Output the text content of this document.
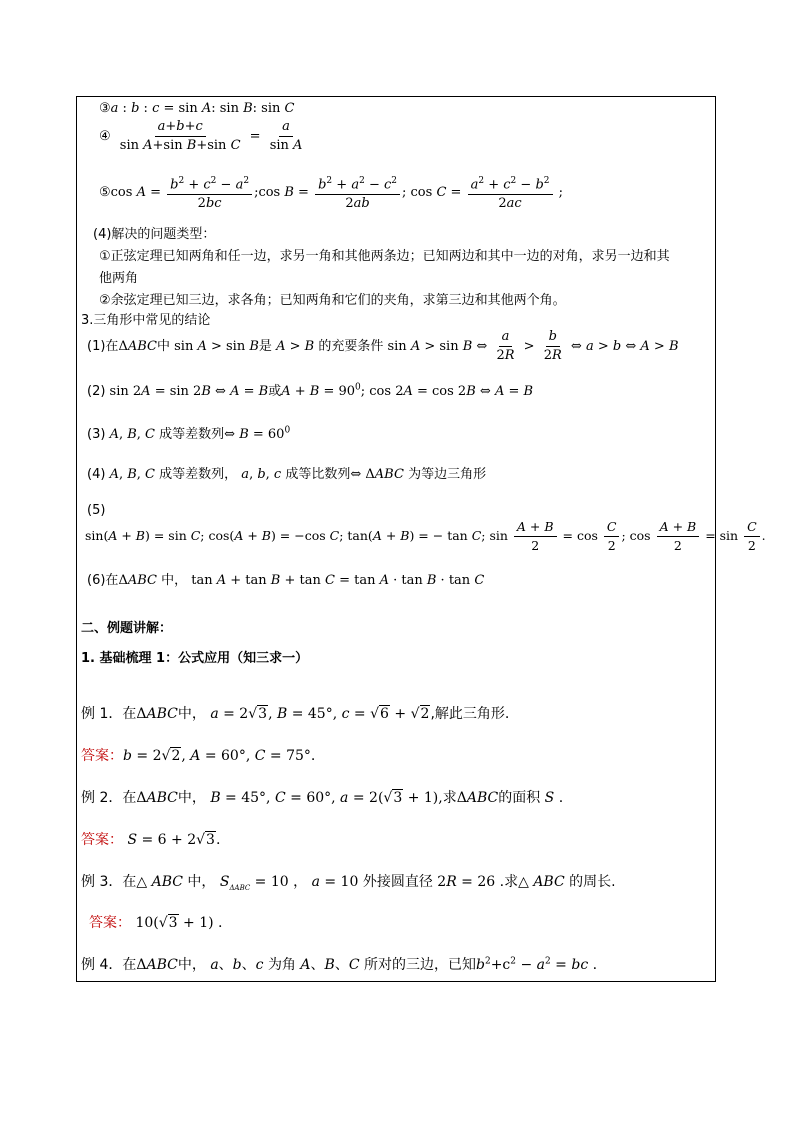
③a : b : c = sin A: sin B: sin C
④ $\frac{a+b+c}{\text{sin A+sin B+sin C}} = \frac{a}{\text{sin A}}$
⑤cos $A = \frac{b^2 + c^2 - a^2}{2bc}$ ;cos $B = \frac{b^2 + a^2 - c^2}{2ab}$ ; $\cos C = \frac{a^2 + c^2 - b^2}{2ac}$ ;
(4)解决的问题类型：
①正弦定理已知两角和任一边，求另一角和其他两条边；已知两边和其中一边的对角，求另一边和其
他两角
②余弦定理已知三边，求各角；已知两角和它们的夹角，求第三边和其他两个角。
3.三角形中常见的结论
(1)在ΔABC中 sin A > sin B是 A > B 的充要条件 sin A > sin B ⇔ $\frac{a}{2R} > \frac{b}{2R}$ ⇔ a > b ⇔ A > B
(2) sin 2A = sin 2B ⇔ A = B或$A + B = 90^0$; cos 2A = cos 2B ⇔ A = B
(3) A, B, C 成等差数列⇔ $B = 60^0$
(4) A, B, C 成等差数列， a, b, c 成等比数列⇔ ΔABC 为等边三角形
(5)
sin(A + B) = sin C; cos(A + B) = −cos C; tan(A + B) = − tan C; $\sin \frac{A + B}{2} = \cos \frac{C}{2}$ ; $\cos \frac{A + B}{2} = \sin \frac{C}{2}$ .
(6)在ΔABC 中， tan A + tan B + tan C = tan A · tan B · tan C
二、例题讲解：
1. 基础梳理 1：公式应用（知三求一）
例 1．在ΔABC中， a = 2√3, B = 45°, c = √6 + √2,解此三角形.
答案：b = 2√2, A = 60°, C = 75°.
例 2．在ΔABC中， B = 45°, C = 60°, a = 2(√3 + 1),求ΔABC的面积 S .
答案： S = 6 + 2√3.
例 3．在△ ABC 中， $S_{\Delta ABC} = 10$ ， a = 10 外接圆直径 2R = 26 .求△ ABC 的周长.
答案： 10(√3 + 1) .
例 4．在ΔABC中， a、b、c 为角 A、B、C 所对的三边，已知$b^2+c^2 - a^2$ = bc .
